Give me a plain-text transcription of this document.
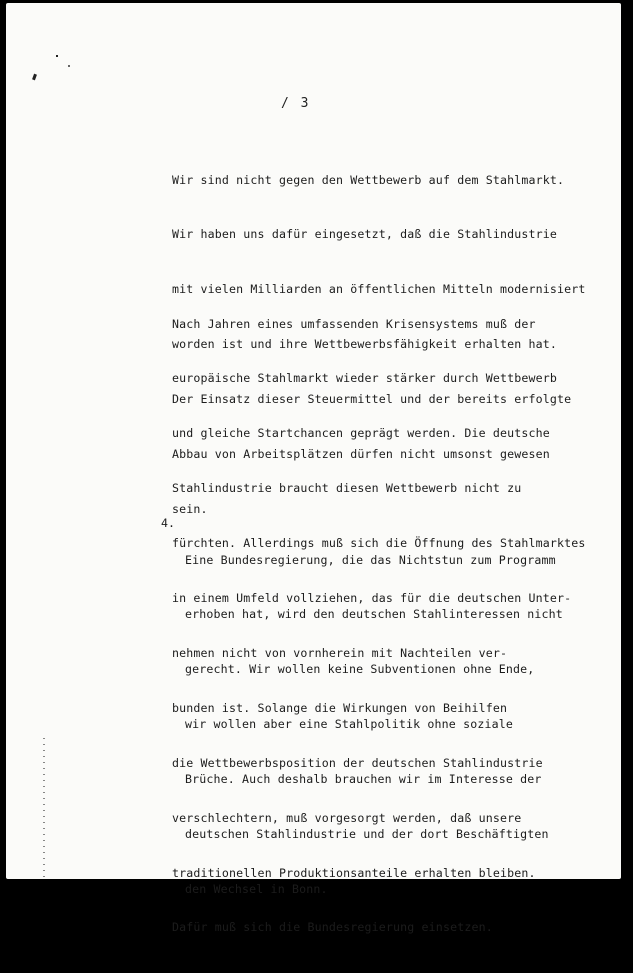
/ 3

Wir sind nicht gegen den Wettbewerb auf dem Stahlmarkt.

Wir haben uns dafür eingesetzt, daß die Stahlindustrie

mit vielen Milliarden an öffentlichen Mitteln modernisiert

worden ist und ihre Wettbewerbsfähigkeit erhalten hat.

Der Einsatz dieser Steuermittel und der bereits erfolgte

Abbau von Arbeitsplätzen dürfen nicht umsonst gewesen

sein.

Nach Jahren eines umfassenden Krisensystems muß der

europäische Stahlmarkt wieder stärker durch Wettbewerb

und gleiche Startchancen geprägt werden. Die deutsche

Stahlindustrie braucht diesen Wettbewerb nicht zu

fürchten. Allerdings muß sich die Öffnung des Stahlmarktes

in einem Umfeld vollziehen, das für die deutschen Unter-

nehmen nicht von vornherein mit Nachteilen ver-

bunden ist. Solange die Wirkungen von Beihilfen

die Wettbewerbsposition der deutschen Stahlindustrie

verschlechtern, muß vorgesorgt werden, daß unsere

traditionellen Produktionsanteile erhalten bleiben.

Dafür muß sich die Bundesregierung einsetzen.

4.

Eine Bundesregierung, die das Nichtstun zum Programm

erhoben hat, wird den deutschen Stahlinteressen nicht

gerecht. Wir wollen keine Subventionen ohne Ende,

wir wollen aber eine Stahlpolitik ohne soziale

Brüche. Auch deshalb brauchen wir im Interesse der

deutschen Stahlindustrie und der dort Beschäftigten

den Wechsel in Bonn.
